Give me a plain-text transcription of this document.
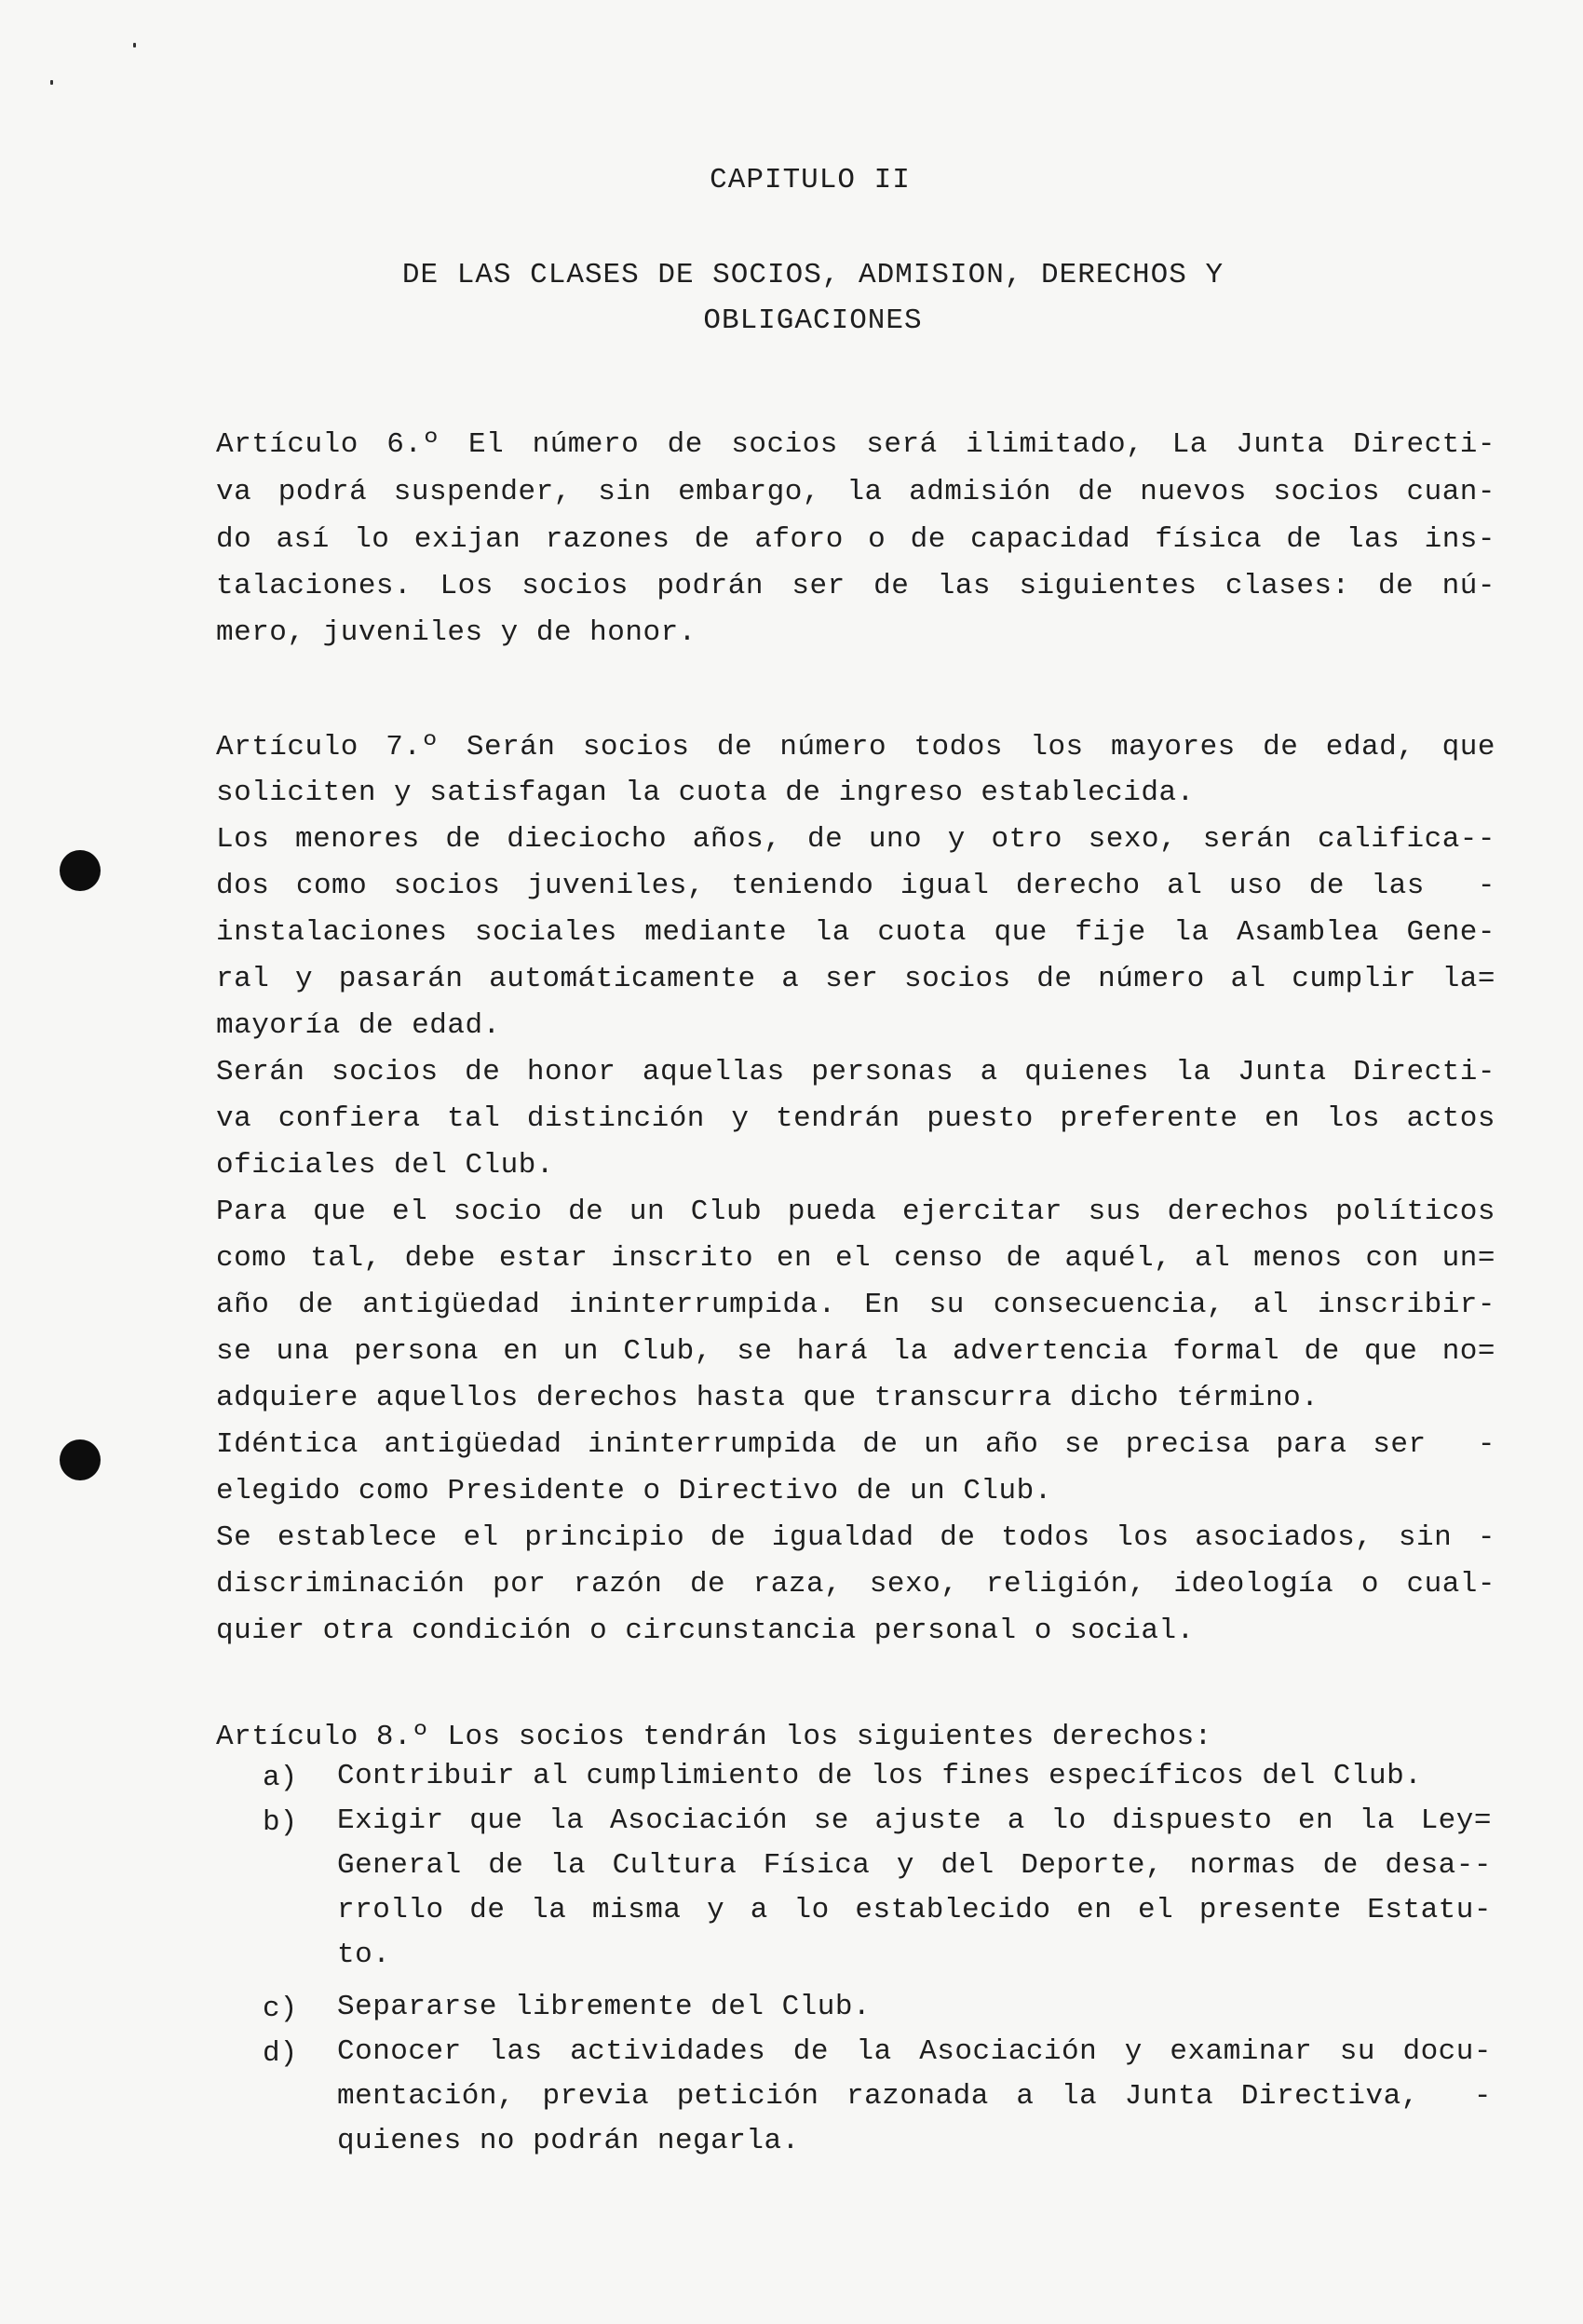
CAPITULO II
DE LAS CLASES DE SOCIOS, ADMISION, DERECHOS Y
OBLIGACIONES
Artículo 6.º El número de socios será ilimitado, La Junta Directi-
va podrá suspender, sin embargo, la admisión de nuevos socios cuan-
do así lo exijan razones de aforo o de capacidad física de las ins-
talaciones. Los socios podrán ser de las siguientes clases: de nú-
mero, juveniles y de honor.
Artículo 7.º Serán socios de número todos los mayores de edad, que
soliciten y satisfagan la cuota de ingreso establecida.
Los menores de dieciocho años, de uno y otro sexo, serán califica--
dos como socios juveniles, teniendo igual derecho al uso de las  -
instalaciones sociales mediante la cuota que fije la Asamblea Gene-
ral y pasarán automáticamente a ser socios de número al cumplir la=
mayoría de edad.
Serán socios de honor aquellas personas a quienes la Junta Directi-
va confiera tal distinción y tendrán puesto preferente en los actos
oficiales del Club.
Para que el socio de un Club pueda ejercitar sus derechos políticos
como tal, debe estar inscrito en el censo de aquél, al menos con un=
año de antigüedad ininterrumpida. En su consecuencia, al inscribir-
se una persona en un Club, se hará la advertencia formal de que no=
adquiere aquellos derechos hasta que transcurra dicho término.
Idéntica antigüedad ininterrumpida de un año se precisa para ser  -
elegido como Presidente o Directivo de un Club.
Se establece el principio de igualdad de todos los asociados, sin -
discriminación por razón de raza, sexo, religión, ideología o cual-
quier otra condición o circunstancia personal o social.
Artículo 8.º Los socios tendrán los siguientes derechos:
a) Contribuir al cumplimiento de los fines específicos del Club.
b) Exigir que la Asociación se ajuste a lo dispuesto en la Ley=
General de la Cultura Física y del Deporte, normas de desa--
rrollo de la misma y a lo establecido en el presente Estatu-
to.
c) Separarse libremente del Club.
d) Conocer las actividades de la Asociación y examinar su docu-
mentación, previa petición razonada a la Junta Directiva,  -
quienes no podrán negarla.
